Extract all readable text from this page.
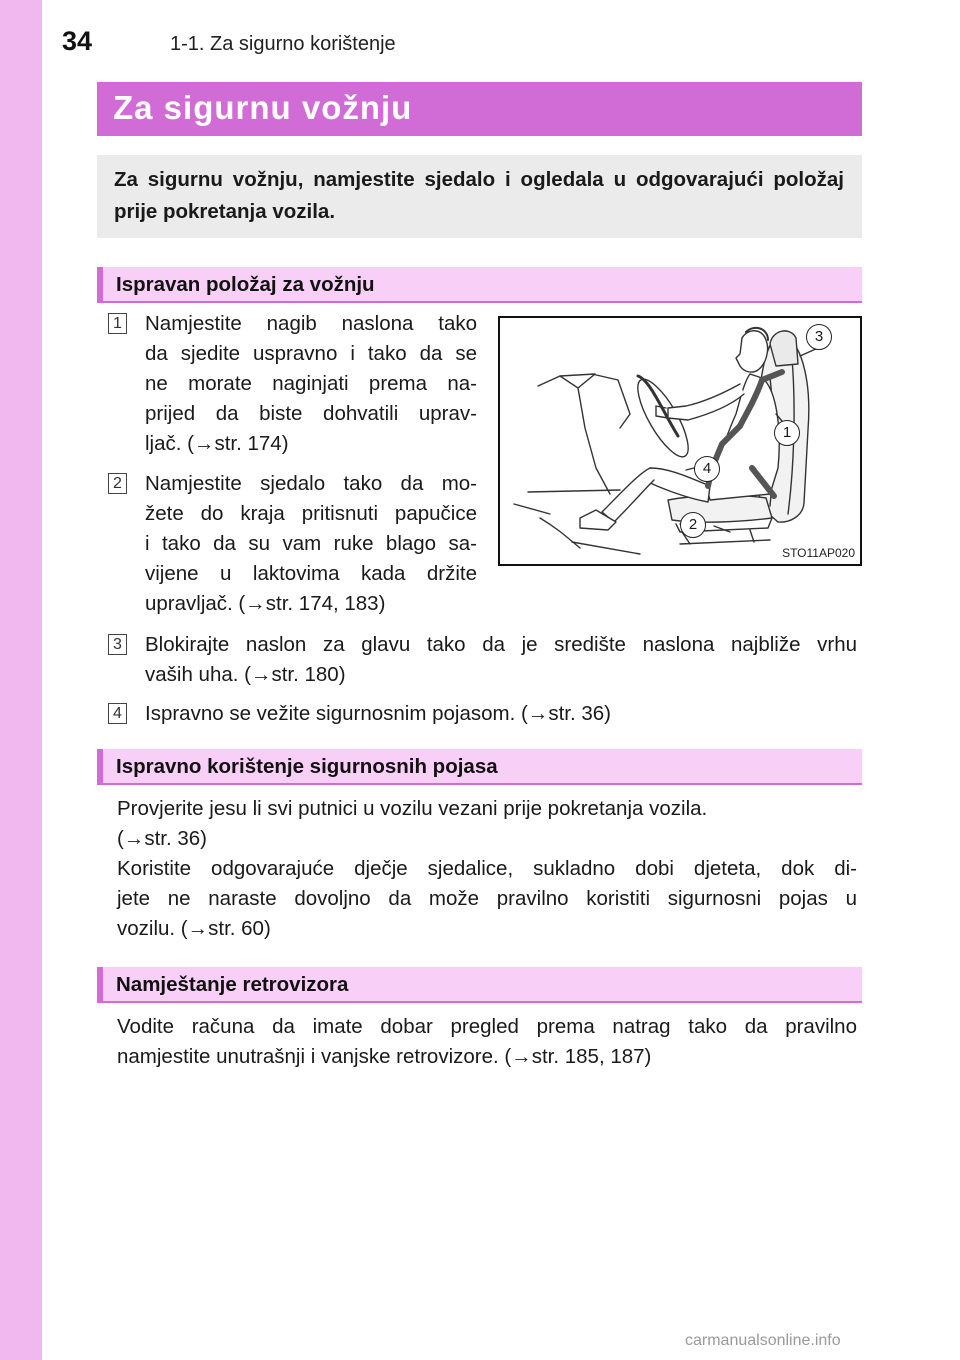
34	1-1. Za sigurno korištenje
Za sigurnu vožnju
Za sigurnu vožnju, namjestite sjedalo i ogledala u odgovarajući položaj prije pokretanja vozila.
Ispravan položaj za vožnju
1 Namjestite nagib naslona tako
da sjedite uspravno i tako da se
ne morate naginjati prema na-
prijed da biste dohvatili uprav-
ljač. (→str. 174)
2 Namjestite sjedalo tako da mo-
žete do kraja pritisnuti papučice
i tako da su vam ruke blago sa-
vijene u laktovima kada držite
upravljač. (→str. 174, 183)
3 Blokirajte naslon za glavu tako da je središte naslona najbliže vrhu
vaših uha. (→str. 180)
4 Ispravno se vežite sigurnosnim pojasom. (→str. 36)
3
1
4
2
STO11AP020
Ispravno korištenje sigurnosnih pojasa
Provjerite jesu li svi putnici u vozilu vezani prije pokretanja vozila.
(→str. 36)
Koristite odgovarajuće dječje sjedalice, sukladno dobi djeteta, dok di-
jete ne naraste dovoljno da može pravilno koristiti sigurnosni pojas u
vozilu. (→str. 60)
Namještanje retrovizora
Vodite računa da imate dobar pregled prema natrag tako da pravilno
namjestite unutrašnji i vanjske retrovizore. (→str. 185, 187)
carmanualsonline.info
